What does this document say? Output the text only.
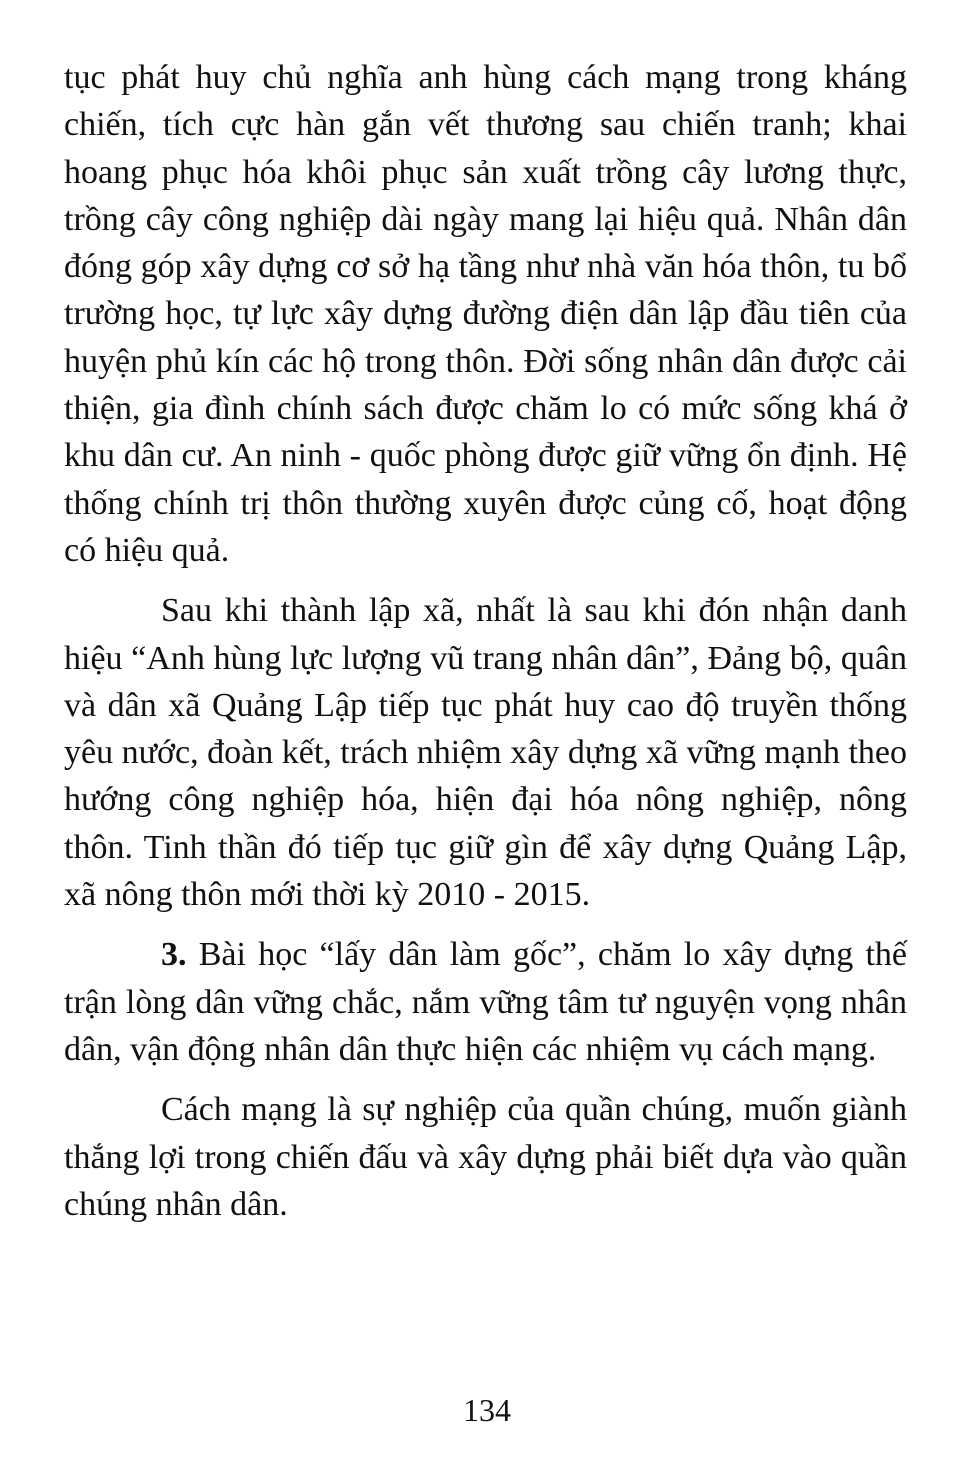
tục phát huy chủ nghĩa anh hùng cách mạng trong kháng chiến, tích cực hàn gắn vết thương sau chiến tranh; khai hoang phục hóa khôi phục sản xuất trồng cây lương thực, trồng cây công nghiệp dài ngày mang lại hiệu quả. Nhân dân đóng góp xây dựng cơ sở hạ tầng như nhà văn hóa thôn, tu bổ trường học, tự lực xây dựng đường điện dân lập đầu tiên của huyện phủ kín các hộ trong thôn. Đời sống nhân dân được cải thiện, gia đình chính sách được chăm lo có mức sống khá ở khu dân cư. An ninh - quốc phòng được giữ vững ổn định. Hệ thống chính trị thôn thường xuyên được củng cố, hoạt động có hiệu quả.

Sau khi thành lập xã, nhất là sau khi đón nhận danh hiệu “Anh hùng lực lượng vũ trang nhân dân”, Đảng bộ, quân và dân xã Quảng Lập tiếp tục phát huy cao độ truyền thống yêu nước, đoàn kết, trách nhiệm xây dựng xã vững mạnh theo hướng công nghiệp hóa, hiện đại hóa nông nghiệp, nông thôn. Tinh thần đó tiếp tục giữ gìn để xây dựng Quảng Lập, xã nông thôn mới thời kỳ 2010 - 2015.

3. Bài học “lấy dân làm gốc”, chăm lo xây dựng thế trận lòng dân vững chắc, nắm vững tâm tư nguyện vọng nhân dân, vận động nhân dân thực hiện các nhiệm vụ cách mạng.

Cách mạng là sự nghiệp của quần chúng, muốn giành thắng lợi trong chiến đấu và xây dựng phải biết dựa vào quần chúng nhân dân.

134
